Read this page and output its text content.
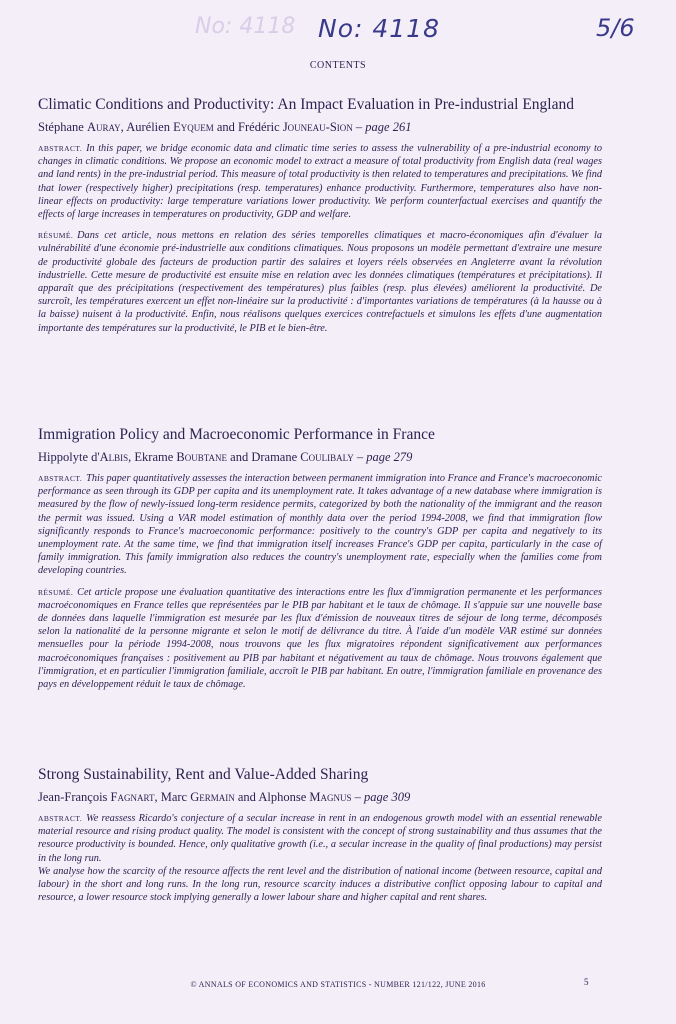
No: 4118 No: 4118	5/6
CONTENTS
Climatic Conditions and Productivity: An Impact Evaluation in Pre-industrial England

Stéphane Auray, Aurélien Eyquem and Frédéric Jouneau-Sion – page 261

ABSTRACT. In this paper, we bridge economic data and climatic time series to assess the vulnerability of a pre-industrial economy to changes in climatic conditions. We propose an economic model to extract a measure of total productivity from English data (real wages and land rents) in the pre-industrial period. This measure of total productivity is then related to temperatures and precipitations. We find that lower (respectively higher) precipitations (resp. temperatures) enhance productivity. Furthermore, temperatures also have non-linear effects on productivity: large temperature variations lower productivity. We perform counterfactual exercises and quantify the effects of large increases in temperatures on productivity, GDP and welfare.

RÉSUMÉ. Dans cet article, nous mettons en relation des séries temporelles climatiques et macro-économiques afin d'évaluer la vulnérabilité d'une économie pré-industrielle aux conditions climatiques. Nous proposons un modèle permettant d'extraire une mesure de productivité globale des facteurs de production partir des salaires et loyers réels observées en Angleterre avant la révolution industrielle. Cette mesure de productivité est ensuite mise en relation avec les données climatiques (températures et précipitations). Il apparaît que des précipitations (respectivement des températures) plus faibles (resp. plus élevées) améliorent la productivité. De surcroît, les températures exercent un effet non-linéaire sur la productivité : d'importantes variations de températures (à la hausse ou à la baisse) nuisent à la productivité. Enfin, nous réalisons quelques exercices contrefactuels et simulons les effets d'une augmentation importante des températures sur la productivité, le PIB et le bien-être.

Immigration Policy and Macroeconomic Performance in France

Hippolyte d'Albis, Ekrame Boubtane and Dramane Coulibaly – page 279

ABSTRACT. This paper quantitatively assesses the interaction between permanent immigration into France and France's macroeconomic performance as seen through its GDP per capita and its unemployment rate. It takes advantage of a new database where immigration is measured by the flow of newly-issued long-term residence permits, categorized by both the nationality of the immigrant and the reason the permit was issued. Using a VAR model estimation of monthly data over the period 1994-2008, we find that immigration flow significantly responds to France's macroeconomic performance: positively to the country's GDP per capita and negatively to its unemployment rate. At the same time, we find that immigration itself increases France's GDP per capita, particularly in the case of family immigration. This family immigration also reduces the country's unemployment rate, especially when the families come from developing countries.

RÉSUMÉ. Cet article propose une évaluation quantitative des interactions entre les flux d'immigration permanente et les performances macroéconomiques en France telles que représentées par le PIB par habitant et le taux de chômage. Il s'appuie sur une nouvelle base de données dans laquelle l'immigration est mesurée par les flux d'émission de nouveaux titres de séjour de long terme, décomposés selon la nationalité de la personne migrante et selon le motif de délivrance du titre. À l'aide d'un modèle VAR estimé sur données mensuelles pour la période 1994-2008, nous trouvons que les flux migratoires répondent significativement aux performances macroéconomiques françaises : positivement au PIB par habitant et négativement au taux de chômage. Nous trouvons également que l'immigration, et en particulier l'immigration familiale, accroît le PIB par habitant. En outre, l'immigration familiale en provenance des pays en développement réduit le taux de chômage.

Strong Sustainability, Rent and Value-Added Sharing

Jean-François Fagnart, Marc Germain and Alphonse Magnus – page 309

ABSTRACT. We reassess Ricardo's conjecture of a secular increase in rent in an endogenous growth model with an essential renewable material resource and rising product quality. The model is consistent with the concept of strong sustainability and thus assumes that the resource productivity is bounded. Hence, only qualitative growth (i.e., a secular increase in the quality of final productions) may persist in the long run.

We analyse how the scarcity of the resource affects the rent level and the distribution of national income (between resource, capital and labour) in the short and long runs. In the long run, resource scarcity induces a distributive conflict opposing labour to capital and resource, a lower resource stock implying generally a lower labour share and higher capital and rent shares.

© ANNALS OF ECONOMICS AND STATISTICS - NUMBER 121/122, JUNE 2016	5
